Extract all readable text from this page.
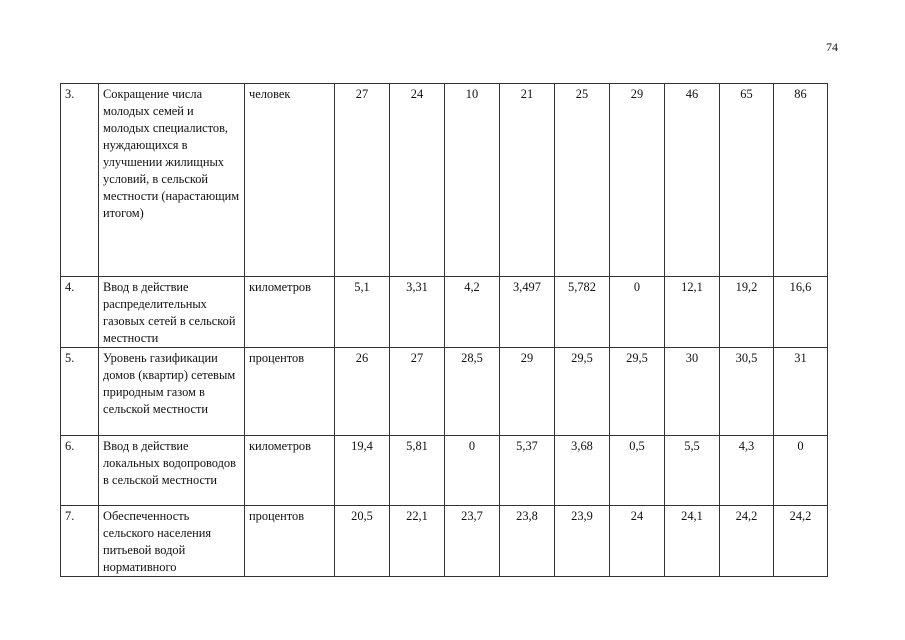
74
3.	Сокращение числа молодых семей и молодых специалистов, нуждающихся в улучшении жилищных условий, в сельской местности (нарастающим итогом)	человек	27	24	10	21	25	29	46	65	86
4.	Ввод в действие распределительных газовых сетей в сельской местности	километров	5,1	3,31	4,2	3,497	5,782	0	12,1	19,2	16,6
5.	Уровень газификации домов (квартир) сетевым природным газом в сельской местности	процентов	26	27	28,5	29	29,5	29,5	30	30,5	31
6.	Ввод в действие локальных водопроводов в сельской местности	километров	19,4	5,81	0	5,37	3,68	0,5	5,5	4,3	0
7.	Обеспеченность сельского населения питьевой водой нормативного	процентов	20,5	22,1	23,7	23,8	23,9	24	24,1	24,2	24,2
